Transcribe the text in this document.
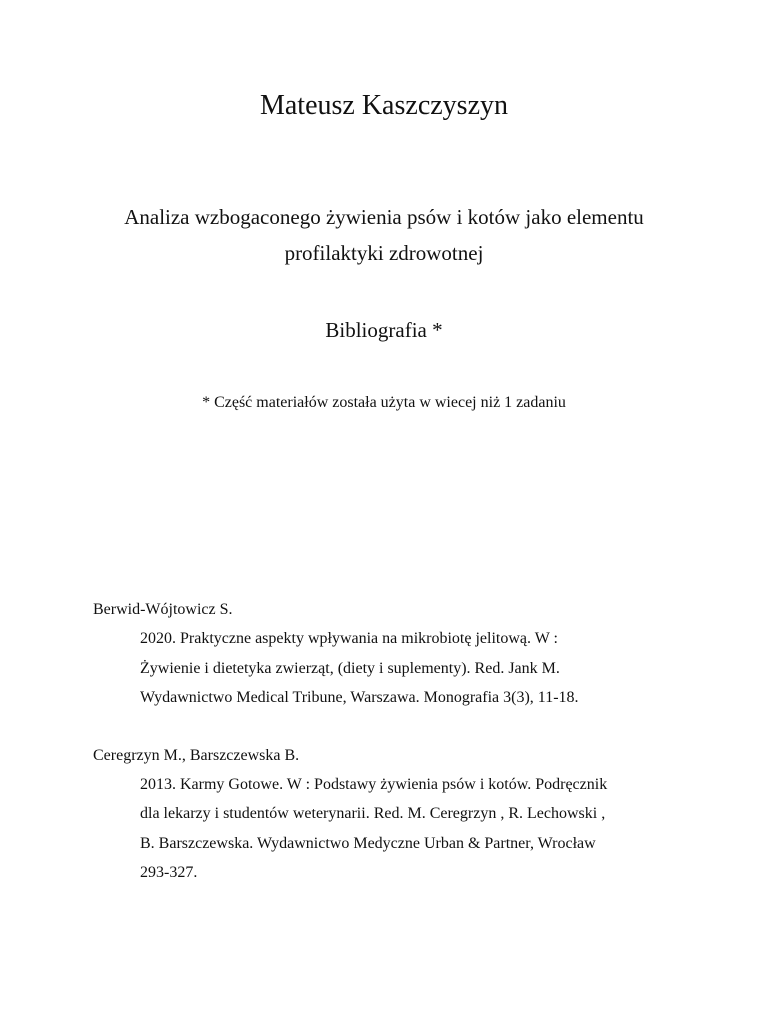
Mateusz Kaszczyszyn
Analiza wzbogaconego żywienia psów i kotów jako elementu
profilaktyki zdrowotnej
Bibliografia *
* Część materiałów została użyta w wiecej niż 1 zadaniu
Berwid-Wójtowicz S.
2020. Praktyczne aspekty wpływania na mikrobiotę jelitową. W :
Żywienie i dietetyka zwierząt, (diety i suplementy). Red. Jank M.
Wydawnictwo Medical Tribune, Warszawa. Monografia 3(3), 11-18.
Ceregrzyn M., Barszczewska B.
2013. Karmy Gotowe. W : Podstawy żywienia psów i kotów. Podręcznik
dla lekarzy i studentów weterynarii. Red. M. Ceregrzyn , R. Lechowski ,
B. Barszczewska. Wydawnictwo Medyczne Urban & Partner, Wrocław
293-327.
